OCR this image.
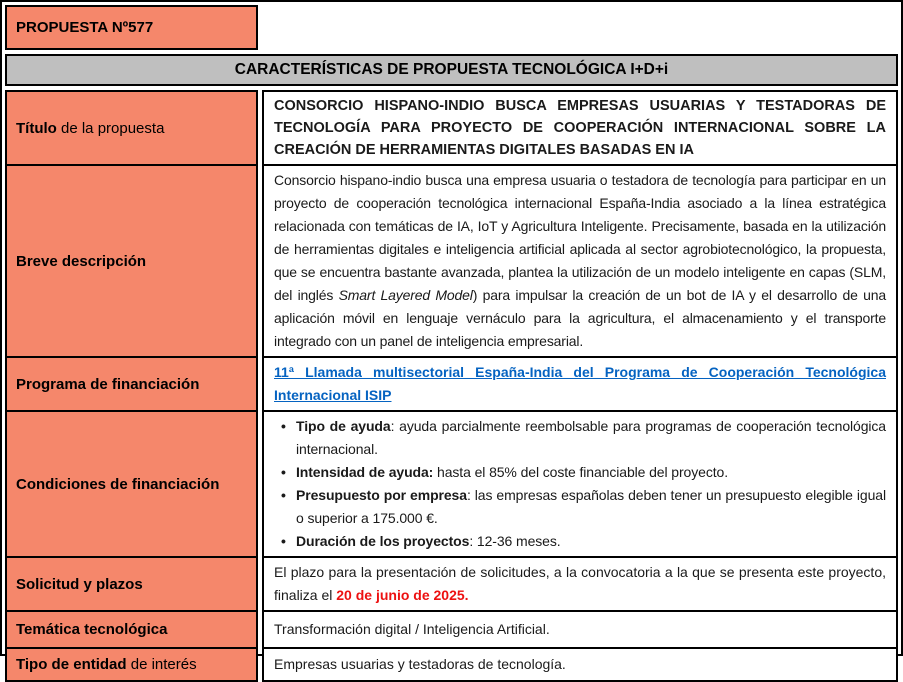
PROPUESTA Nº577
CARACTERÍSTICAS DE PROPUESTA TECNOLÓGICA I+D+i
Título de la propuesta
CONSORCIO HISPANO-INDIO BUSCA EMPRESAS USUARIAS Y TESTADORAS DE TECNOLOGÍA PARA PROYECTO DE COOPERACIÓN INTERNACIONAL SOBRE LA CREACIÓN DE HERRAMIENTAS DIGITALES BASADAS EN IA
Breve descripción
Consorcio hispano-indio busca una empresa usuaria o testadora de tecnología para participar en un proyecto de cooperación tecnológica internacional España-India asociado a la línea estratégica relacionada con temáticas de IA, IoT y Agricultura Inteligente. Precisamente, basada en la utilización de herramientas digitales e inteligencia artificial aplicada al sector agrobiotecnológico, la propuesta, que se encuentra bastante avanzada, plantea la utilización de un modelo inteligente en capas (SLM, del inglés Smart Layered Model) para impulsar la creación de un bot de IA y el desarrollo de una aplicación móvil en lenguaje vernáculo para la agricultura, el almacenamiento y el transporte integrado con un panel de inteligencia empresarial.
Programa de financiación
11ª Llamada multisectorial España-India del Programa de Cooperación Tecnológica Internacional ISIP
Condiciones de financiación
• Tipo de ayuda: ayuda parcialmente reembolsable para programas de cooperación tecnológica internacional.
• Intensidad de ayuda: hasta el 85% del coste financiable del proyecto.
• Presupuesto por empresa: las empresas españolas deben tener un presupuesto elegible igual o superior a 175.000 €.
• Duración de los proyectos: 12-36 meses.
Solicitud y plazos
El plazo para la presentación de solicitudes, a la convocatoria a la que se presenta este proyecto, finaliza el 20 de junio de 2025.
Temática tecnológica	Transformación digital / Inteligencia Artificial.
Tipo de entidad de interés	Empresas usuarias y testadoras de tecnología.
